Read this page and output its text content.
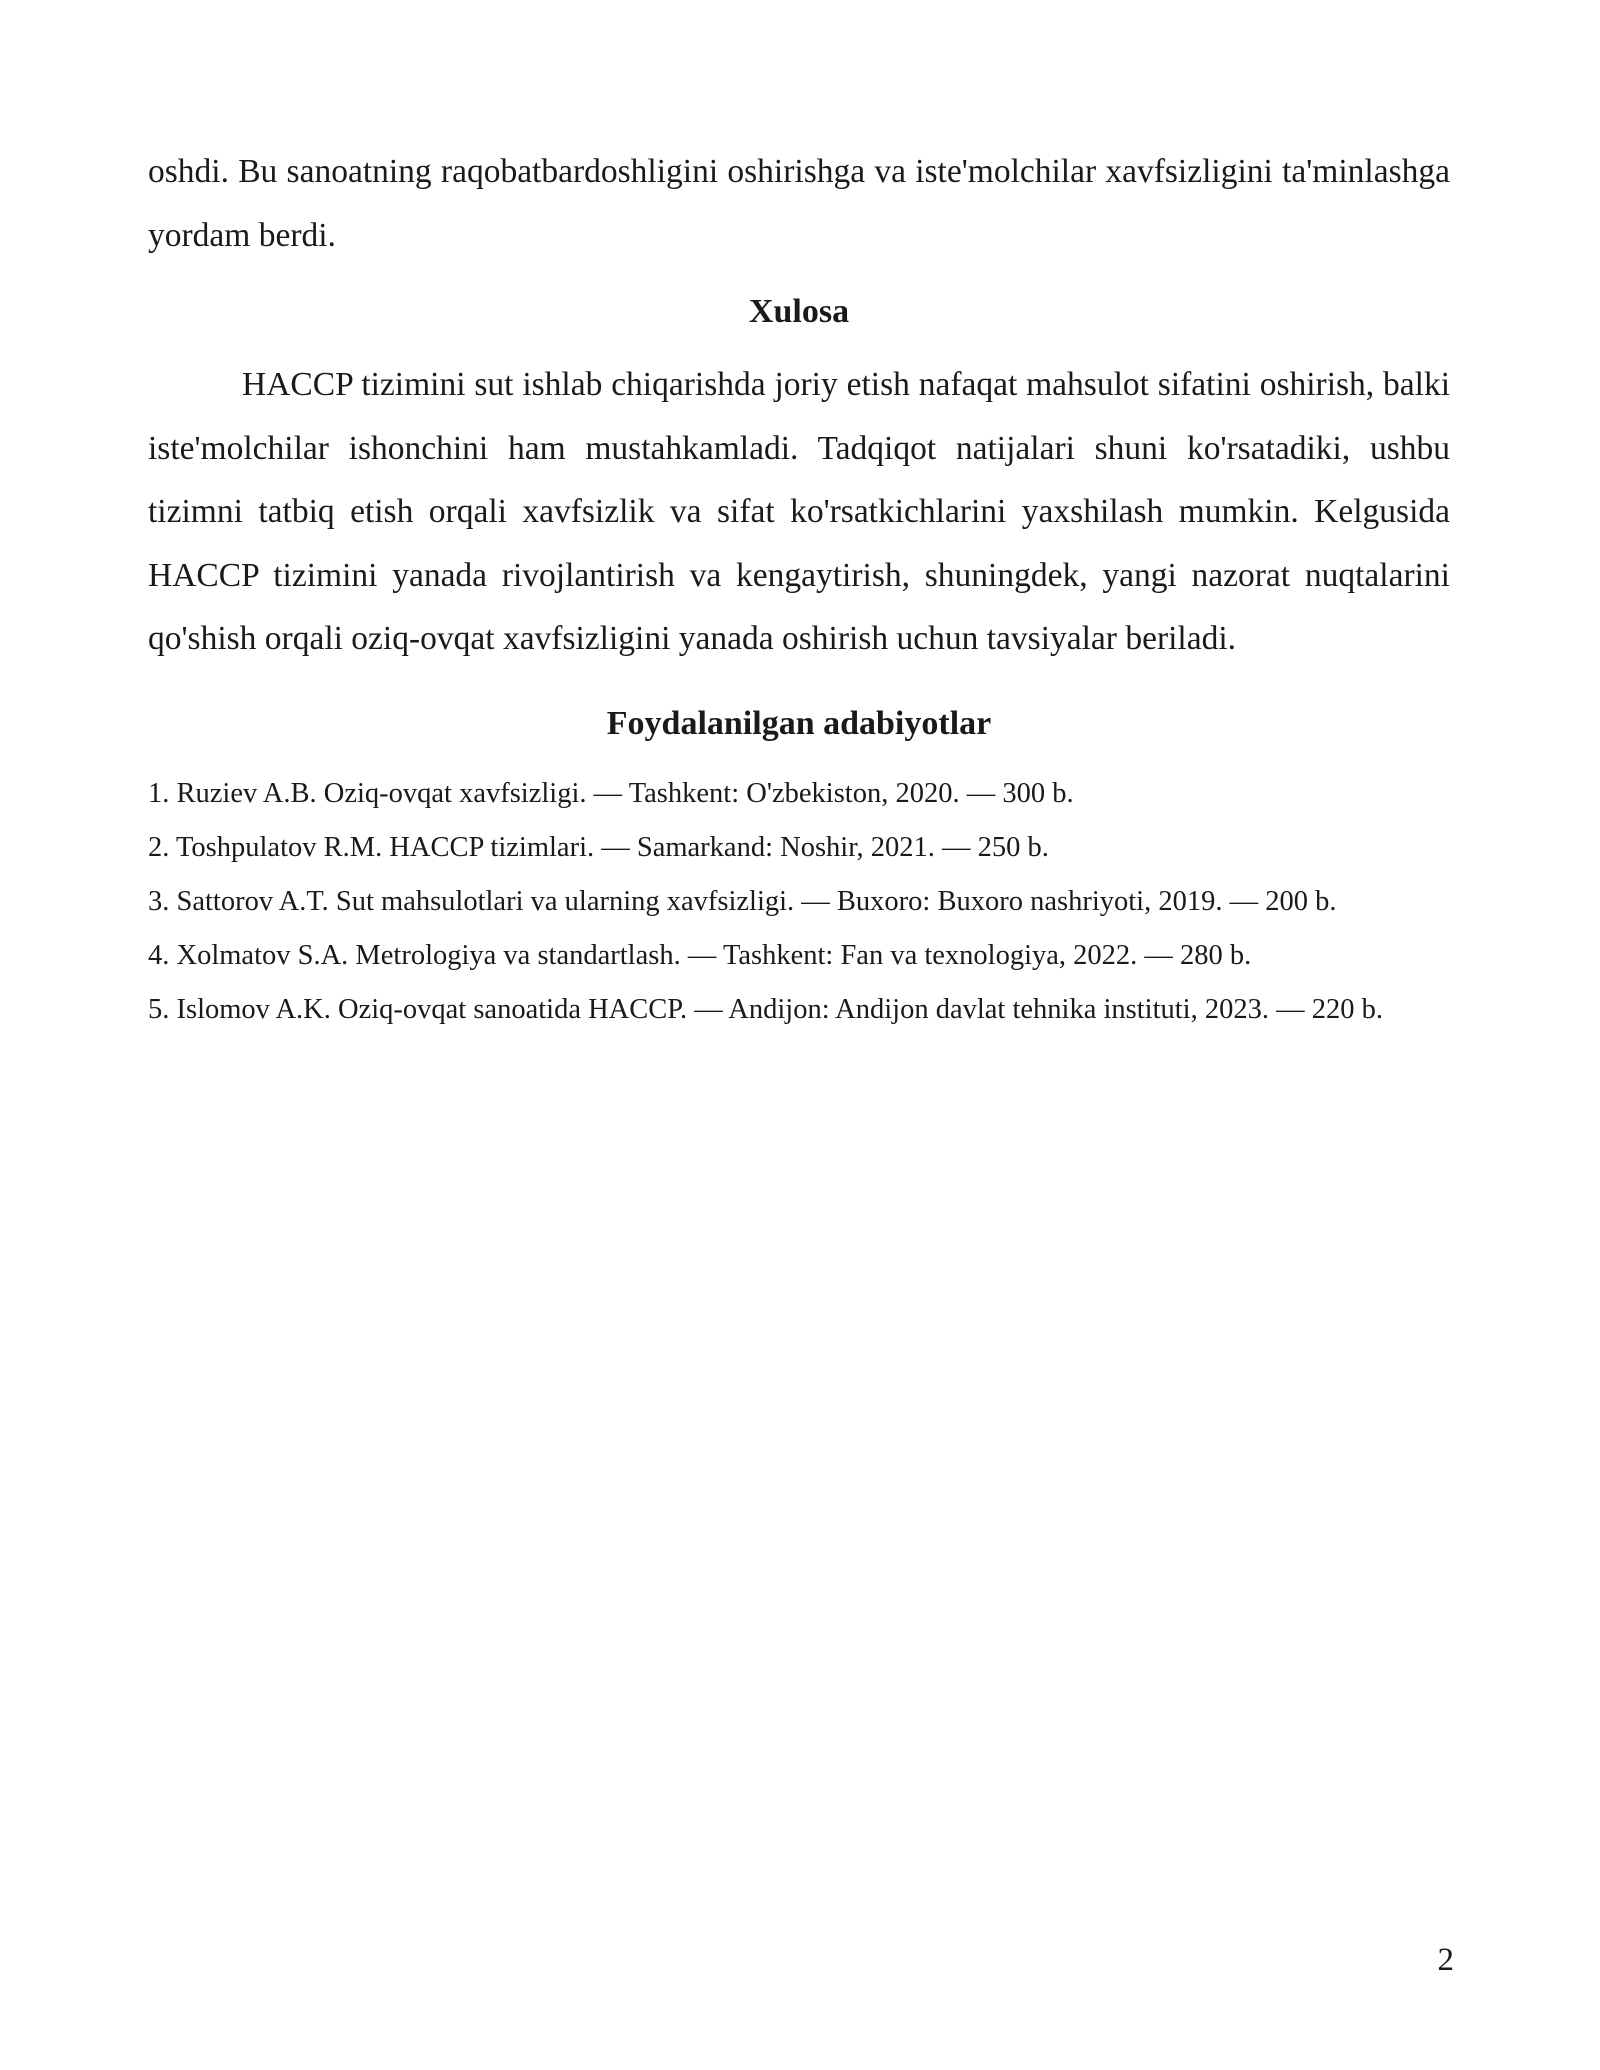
oshdi. Bu sanoatning raqobatbardoshligini oshirishga va iste'molchilar xavfsizligini ta'minlashga yordam berdi.

Xulosa

HACCP tizimini sut ishlab chiqarishda joriy etish nafaqat mahsulot sifatini oshirish, balki iste'molchilar ishonchini ham mustahkamladi. Tadqiqot natijalari shuni ko'rsatadiki, ushbu tizimni tatbiq etish orqali xavfsizlik va sifat ko'rsatkichlarini yaxshilash mumkin. Kelgusida HACCP tizimini yanada rivojlantirish va kengaytirish, shuningdek, yangi nazorat nuqtalarini qo'shish orqali oziq-ovqat xavfsizligini yanada oshirish uchun tavsiyalar beriladi.

Foydalanilgan adabiyotlar
1. Ruziev A.B. Oziq-ovqat xavfsizligi. — Tashkent: O'zbekiston, 2020. — 300 b.
2. Toshpulatov R.M. HACCP tizimlari. — Samarkand: Noshir, 2021. — 250 b.
3. Sattorov A.T. Sut mahsulotlari va ularning xavfsizligi. — Buxoro: Buxoro nashriyoti, 2019. — 200 b.
4. Xolmatov S.A. Metrologiya va standartlash. — Tashkent: Fan va texnologiya, 2022. — 280 b.
5. Islomov A.K. Oziq-ovqat sanoatida HACCP. — Andijon: Andijon davlat tehnika instituti, 2023. — 220 b.
2
